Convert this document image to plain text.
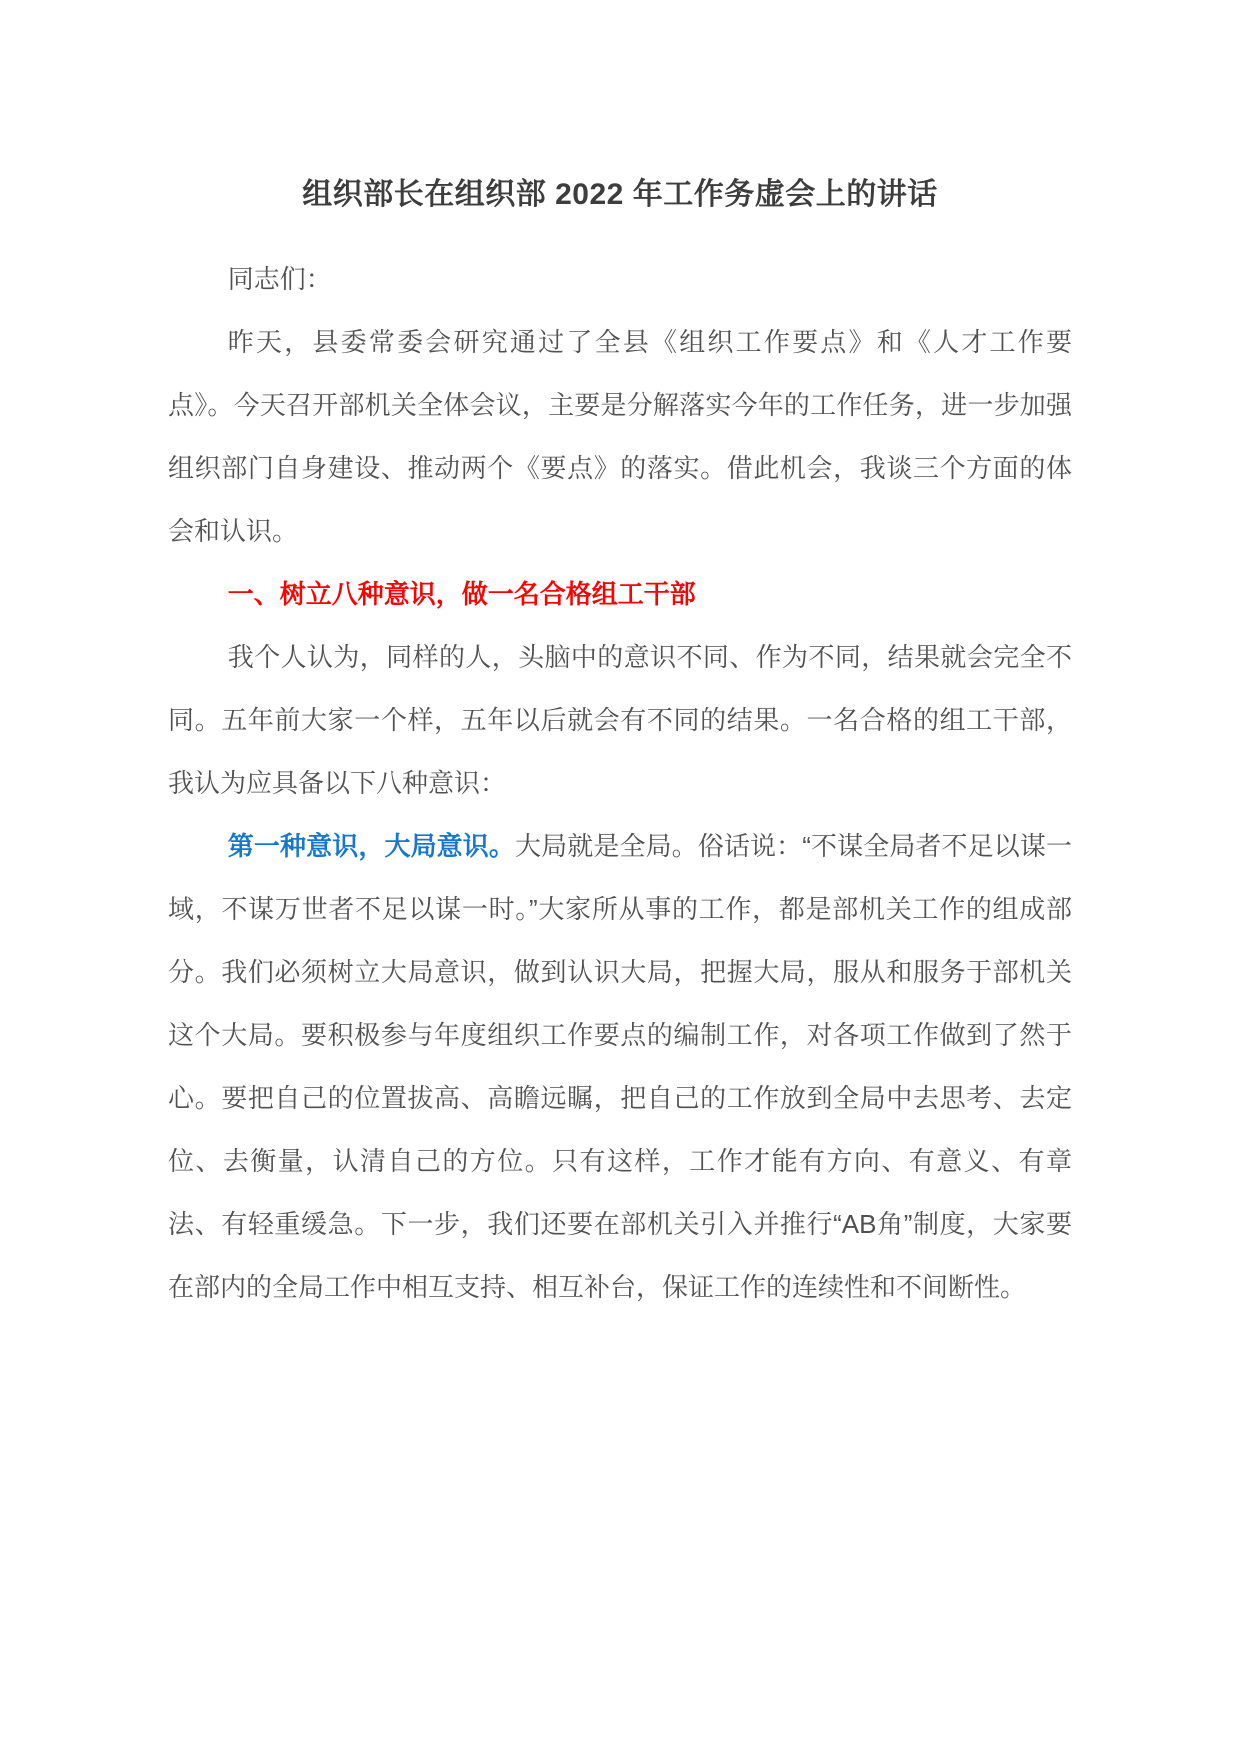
组织部长在组织部 2022 年工作务虚会上的讲话

同志们：

昨天，县委常委会研究通过了全县《组织工作要点》和《人才工作要点》。今天召开部机关全体会议，主要是分解落实今年的工作任务，进一步加强组织部门自身建设、推动两个《要点》的落实。借此机会，我谈三个方面的体会和认识。

一、树立八种意识，做一名合格组工干部

我个人认为，同样的人，头脑中的意识不同、作为不同，结果就会完全不同。五年前大家一个样，五年以后就会有不同的结果。一名合格的组工干部，我认为应具备以下八种意识：

第一种意识，大局意识。大局就是全局。俗话说：“不谋全局者不足以谋一域，不谋万世者不足以谋一时。”大家所从事的工作，都是部机关工作的组成部分。我们必须树立大局意识，做到认识大局，把握大局，服从和服务于部机关这个大局。要积极参与年度组织工作要点的编制工作，对各项工作做到了然于心。要把自己的位置拔高、高瞻远瞩，把自己的工作放到全局中去思考、去定位、去衡量，认清自己的方位。只有这样，工作才能有方向、有意义、有章法、有轻重缓急。下一步，我们还要在部机关引入并推行“AB角”制度，大家要在部内的全局工作中相互支持、相互补台，保证工作的连续性和不间断性。
